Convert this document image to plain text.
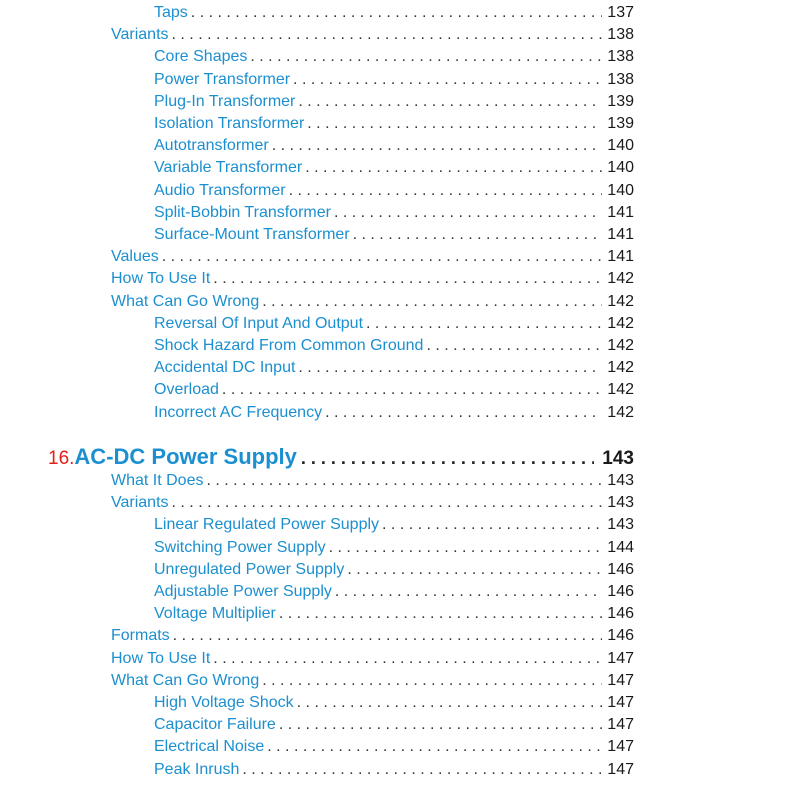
Taps . . .	137
Variants . . .	138
Core Shapes . . .	138
Power Transformer . . .	138
Plug-In Transformer . . .	139
Isolation Transformer . . .	139
Autotransformer . . .	140
Variable Transformer . . .	140
Audio Transformer . . .	140
Split-Bobbin Transformer . . .	141
Surface-Mount Transformer . . .	141
Values . . .	141
How To Use It . . .	142
What Can Go Wrong . . .	142
Reversal Of Input And Output . . .	142
Shock Hazard From Common Ground . . .	142
Accidental DC Input . . .	142
Overload . . .	142
Incorrect AC Frequency . . .	142
16. AC-DC Power Supply . . .	143
What It Does . . .	143
Variants . . .	143
Linear Regulated Power Supply . . .	143
Switching Power Supply . . .	144
Unregulated Power Supply . . .	146
Adjustable Power Supply . . .	146
Voltage Multiplier . . .	146
Formats . . .	146
How To Use It . . .	147
What Can Go Wrong . . .	147
High Voltage Shock . . .	147
Capacitor Failure . . .	147
Electrical Noise . . .	147
Peak Inrush . . .	147
